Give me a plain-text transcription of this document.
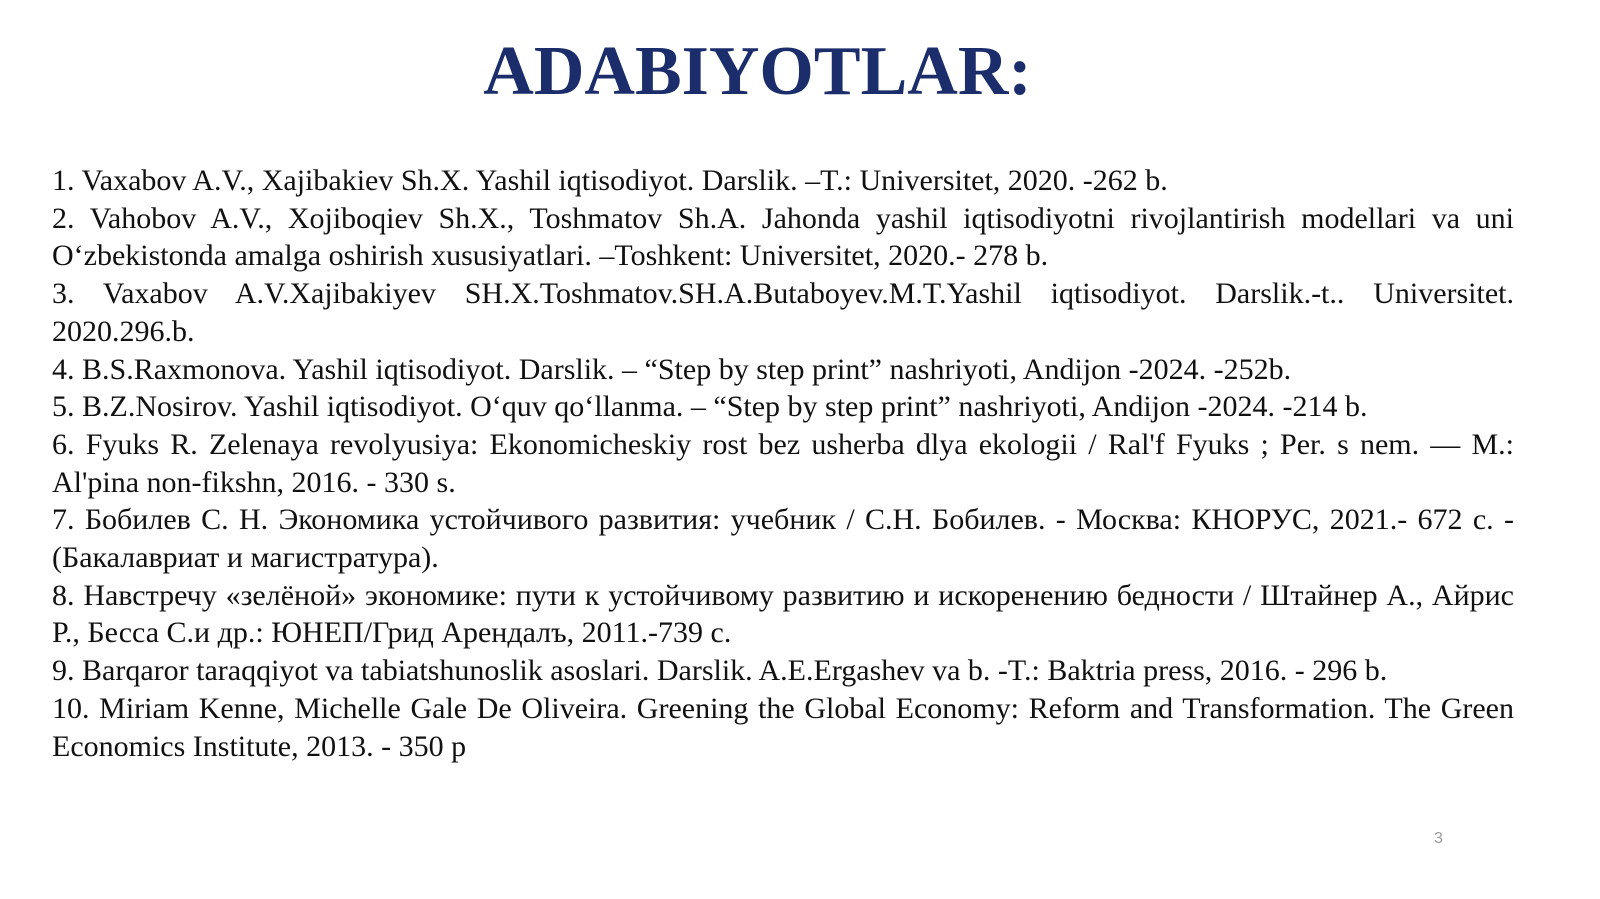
ADABIYOTLAR:
1. Vaxabov A.V., Xajibakiev Sh.X. Yashil iqtisodiyot. Darslik. –T.: Universitet, 2020. -262 b.
2. Vahobov A.V., Xojiboqiev Sh.X., Toshmatov Sh.A. Jahonda yashil iqtisodiyotni rivojlantirish modellari va uni O‘zbekistonda amalga oshirish xususiyatlari. –Toshkent: Universitet, 2020.- 278 b.
3. Vaxabov A.V.Xajibakiyev SH.X.Toshmatov.SH.A.Butaboyev.M.T.Yashil iqtisodiyot. Darslik.-t.. Universitet. 2020.296.b.
4. B.S.Raxmonova. Yashil iqtisodiyot. Darslik. – “Step by step print” nashriyoti, Andijon -2024. -252b.
5. B.Z.Nosirov. Yashil iqtisodiyot. O‘quv qo‘llanma. – “Step by step print” nashriyoti, Andijon -2024. -214 b.
6. Fyuks R. Zelenaya revolyusiya: Ekonomicheskiy rost bez usherba dlya ekologii / Ral'f Fyuks ; Per. s nem. — M.: Al'pina non-fikshn, 2016. - 330 s.
7. Бобилев С. Н. Экономика устойчивого развития: учебник / С.Н. Бобилев. - Москва: КНОРУС, 2021.- 672 с. - (Бакалавриат и магистратура).
8. Навстречу «зелёной» экономике: пути к устойчивому развитию и искоренению бедности / Штайнер А., Айрис Р., Бесса С.и др.: ЮНЕП/Грид Арендалъ, 2011.-739 с.
9. Barqaror taraqqiyot va tabiatshunoslik asoslari. Darslik. A.E.Ergashev va b. -T.: Baktria press, 2016. - 296 b.
10. Miriam Kenne, Michelle Gale De Oliveira. Greening the Global Economy: Reform and Transformation. The Green Economics Institute, 2013. - 350 p
3
